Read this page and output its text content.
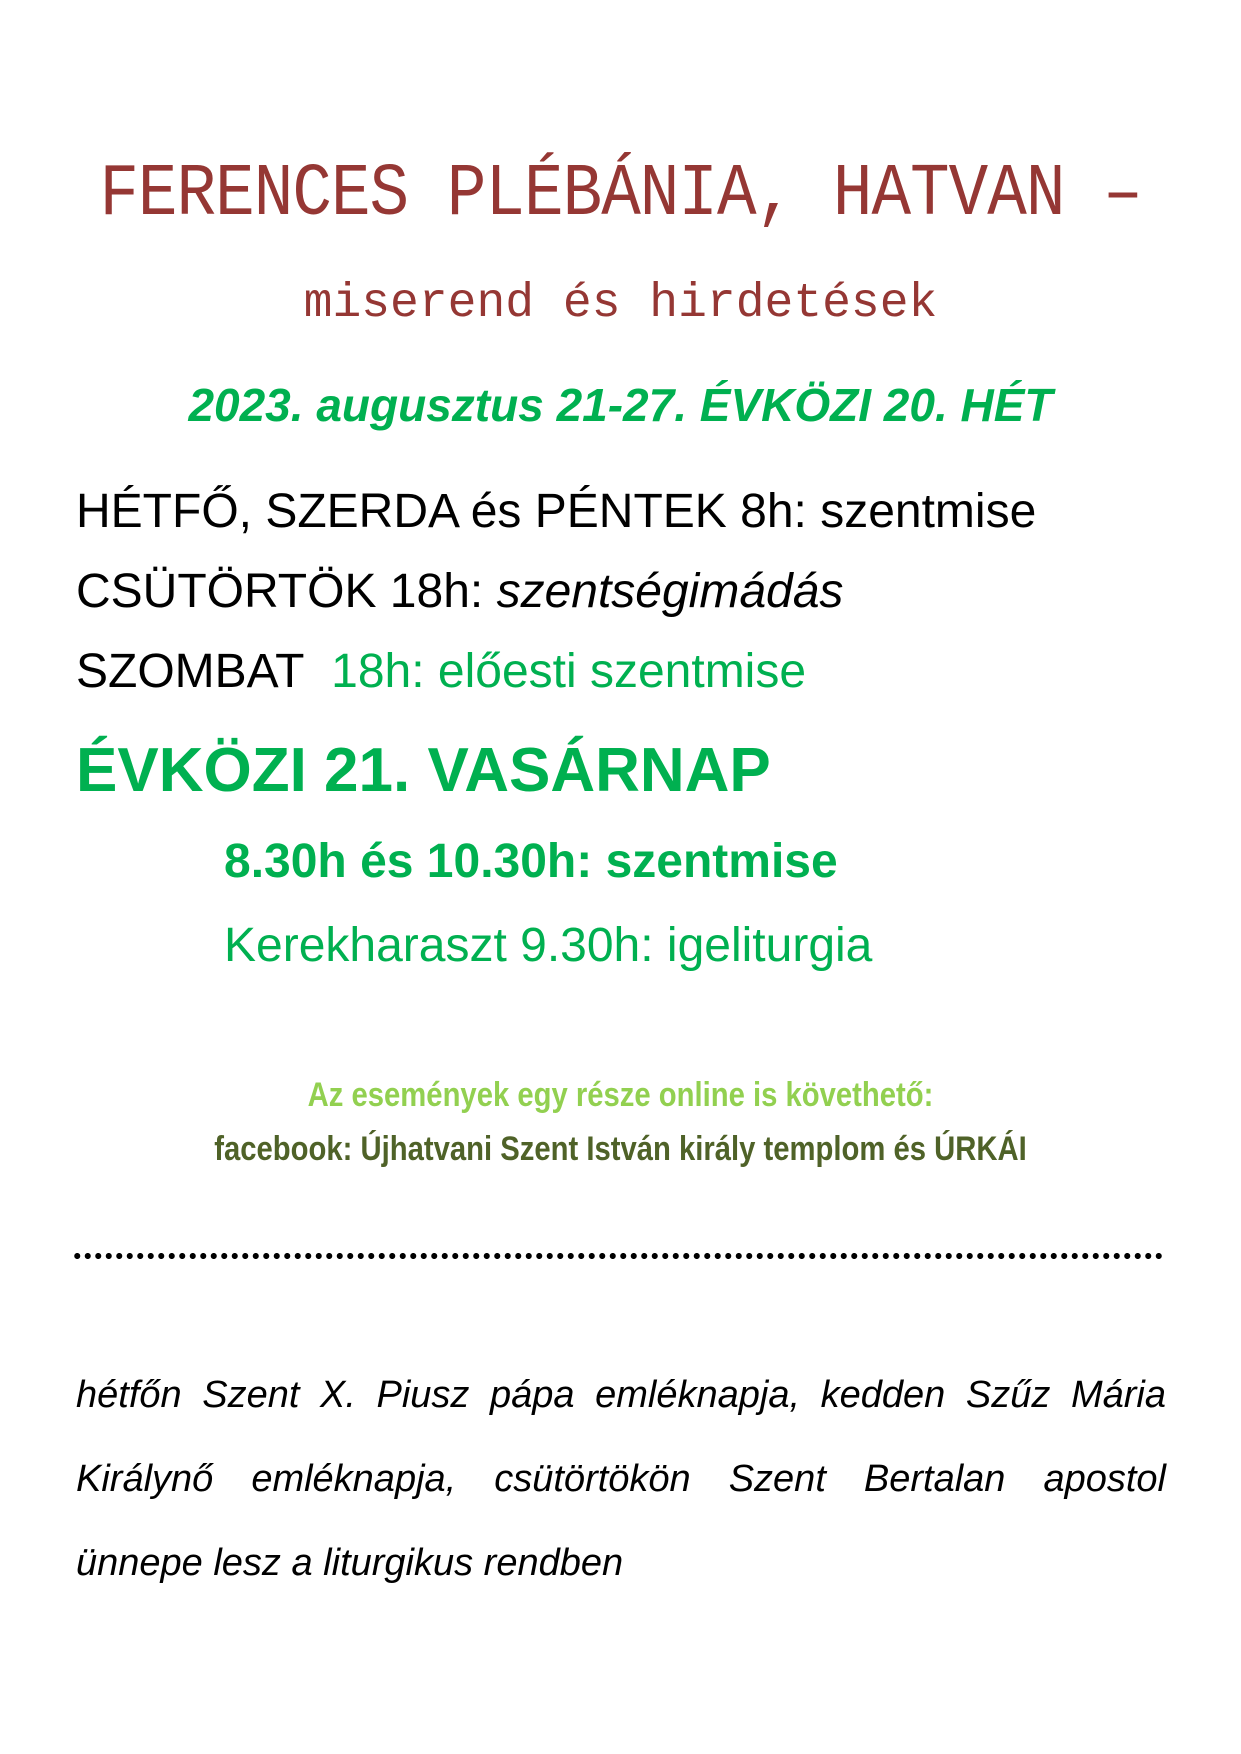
FERENCES PLÉBÁNIA, HATVAN –
miserend és hirdetések
2023. augusztus 21-27. ÉVKÖZI 20. HÉT
HÉTFŐ, SZERDA és PÉNTEK 8h: szentmise
CSÜTÖRTÖK 18h: szentségimádás
SZOMBAT 18h: előesti szentmise
ÉVKÖZI 21. VASÁRNAP
8.30h és 10.30h: szentmise
Kerekharaszt 9.30h: igeliturgia
Az események egy része online is követhető:
facebook: Újhatvani Szent István király templom és ÚRKÁI
hétfőn Szent X. Piusz pápa emléknapja, kedden Szűz Mária
Királynő emléknapja, csütörtökön Szent Bertalan apostol
ünnepe lesz a liturgikus rendben
